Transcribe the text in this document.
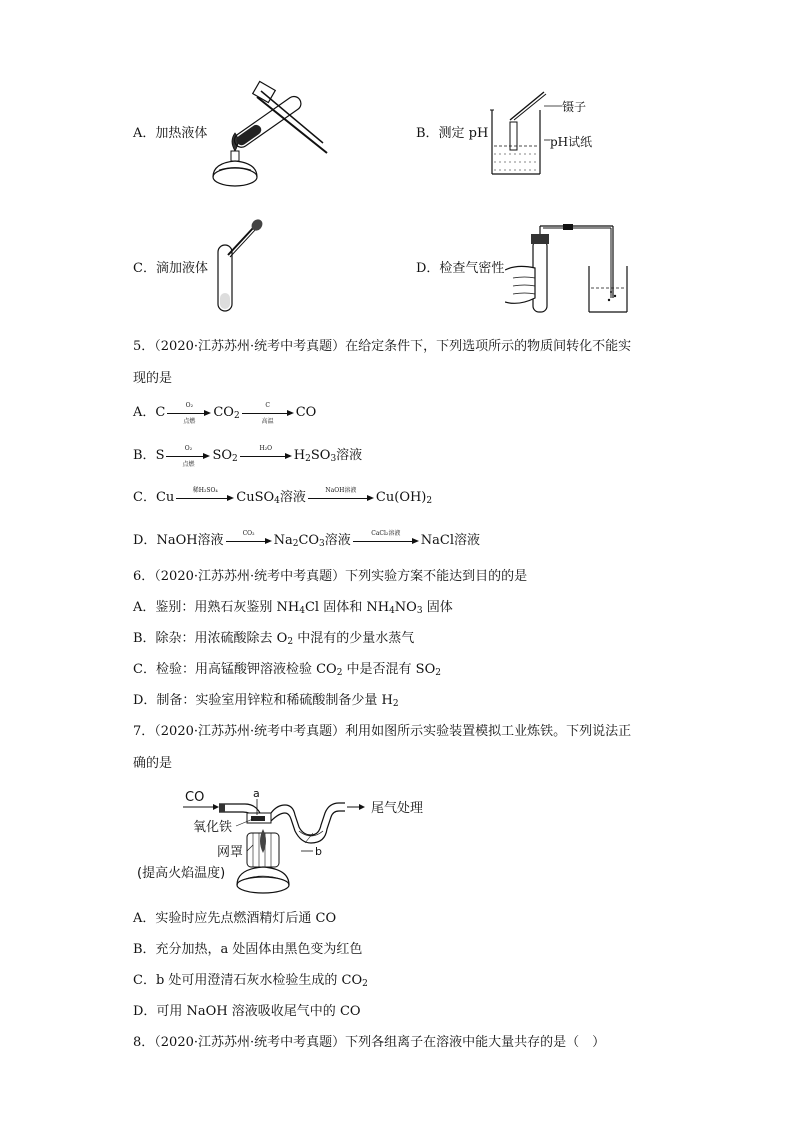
A．加热液体	B．测定 pH
镊子
pH试纸
C．滴加液体	D．检查气密性
5．（2020·江苏苏州·统考中考真题）在给定条件下，下列选项所示的物质间转化不能实
现的是
A．C	O₂
点燃
$CO_2$
C
高温
CO
B．S	O₂
点燃
$SO_2$
H₂O	$H_2SO_3$溶液
C．Cu	稀H₂SO₄	CuSO$_4$溶液	NaOH溶液	$Cu(OH)_2$
D．NaOH溶液	CO₂	$Na_2CO_3$溶液	CaCl₂溶液	NaCl溶液
6．（2020·江苏苏州·统考中考真题）下列实验方案不能达到目的的是
A．鉴别：用熟石灰鉴别 $NH_4Cl$ 固体和 $NH_4NO_3$ 固体
B．除杂：用浓硫酸除去 $O_2$ 中混有的少量水蒸气
C．检验：用高锰酸钾溶液检验 $CO_2$ 中是否混有 $SO_2$
D．制备：实验室用锌粒和稀硫酸制备少量 $H_2$
7．（2020·江苏苏州·统考中考真题）利用如图所示实验装置模拟工业炼铁。下列说法正
确的是
CO	a
b
尾气处理
氧化铁
网罩
(提高火焰温度)
A．实验时应先点燃酒精灯后通 CO
B．充分加热，a 处固体由黑色变为红色
C．b 处可用澄清石灰水检验生成的 $CO_2$
D．可用 NaOH 溶液吸收尾气中的 CO
8．（2020·江苏苏州·统考中考真题）下列各组离子在溶液中能大量共存的是（　）
